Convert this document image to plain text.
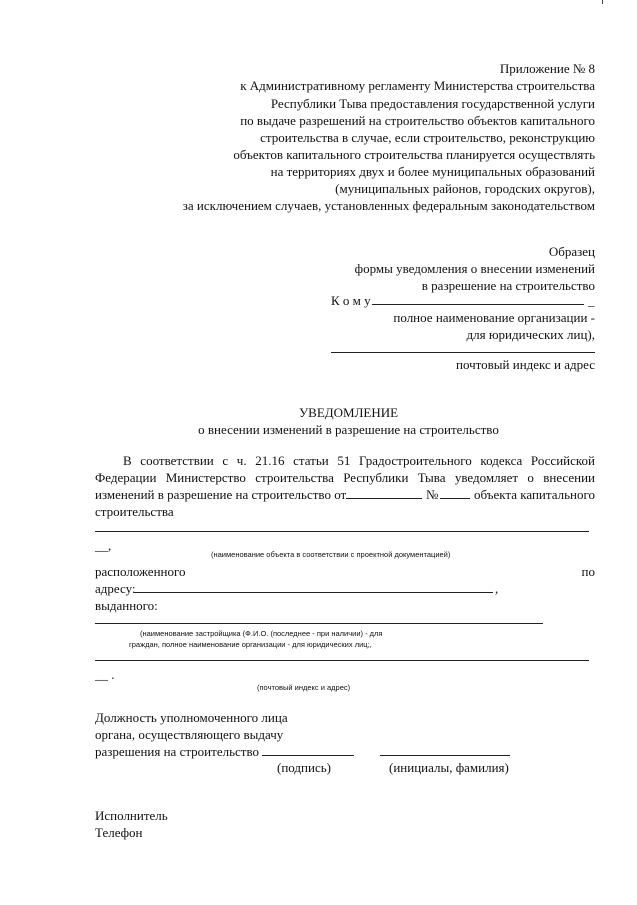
Приложение № 8
к Административному регламенту Министерства строительства
Республики Тыва предоставления государственной услуги
по выдаче разрешений на строительство объектов капитального
строительства в случае, если строительство, реконструкцию
объектов капитального строительства планируется осуществлять
на территориях двух и более муниципальных образований
(муниципальных районов, городских округов),
за исключением случаев, установленных федеральным законодательством
Образец
формы уведомления о внесении изменений
в разрешение на строительство
К о м у	_
полное наименование организации -
для юридических лиц),
почтовый индекс и адрес
УВЕДОМЛЕНИЕ
о внесении изменений в разрешение на строительство
В соответствии с ч. 21.16 статьи 51 Градостроительного кодекса Российской
Федерации Министерство строительства Республики Тыва уведомляет о внесении
изменений в разрешение на строительство от	№	объекта капитального
строительства
__,
(наименование объекта в соответствии с проектной документацией)
расположенного	по
адресу:	,
выданного:
(наименование застройщика (Ф.И.О. (последнее - при наличии) - для
граждан, полное наименование организации - для юридических лиц;,
__ .
(почтовый индекс и адрес)
Должность уполномоченного лица
органа, осуществляющего выдачу
разрешения на строительство
(подпись)	(инициалы, фамилия)
Исполнитель
Телефон
